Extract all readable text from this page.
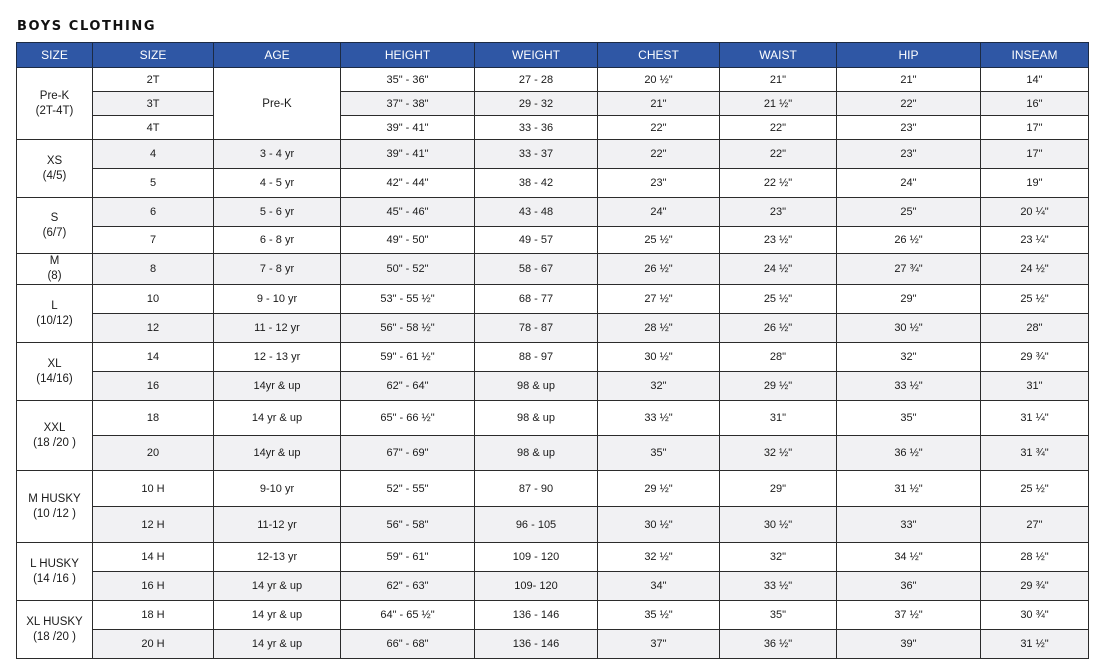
BOYS CLOTHING
SIZE	SIZE	AGE	HEIGHT	WEIGHT	CHEST	WAIST	HIP	INSEAM
Pre-K
(2T-4T)	2T	Pre-K	35" - 36"	27 - 28	20 ½"	21"	21"	14"
	3T		37" - 38"	29 - 32	21"	21 ½"	22"	16"
	4T		39" - 41"	33 - 36	22"	22"	23"	17"
XS
(4/5)	4	3 - 4 yr	39" - 41"	33 - 37	22"	22"	23"	17"
	5	4 - 5 yr	42" - 44"	38 - 42	23"	22 ½"	24"	19"
S
(6/7)	6	5 - 6 yr	45" - 46"	43 - 48	24"	23"	25"	20 ¼"
	7	6 - 8 yr	49" - 50"	49 - 57	25 ½"	23 ½"	26 ½"	23 ¼"
M
(8)	8	7 - 8 yr	50" - 52"	58 - 67	26 ½"	24 ½"	27 ¾"	24 ½"
L
(10/12)	10	9 - 10 yr	53" - 55 ½"	68 - 77	27 ½"	25 ½"	29"	25 ½"
	12	11 - 12 yr	56" - 58 ½"	78 - 87	28 ½"	26 ½"	30 ½"	28"
XL
(14/16)	14	12 - 13 yr	59" - 61 ½"	88 - 97	30 ½"	28"	32"	29 ¾"
	16	14yr & up	62" - 64"	98 & up	32"	29 ½"	33 ½"	31"
XXL
(18 /20 )	18	14 yr & up	65" - 66 ½"	98 & up	33 ½"	31"	35"	31 ¼"
	20	14yr & up	67" - 69"	98 & up	35"	32 ½"	36 ½"	31 ¾"
M HUSKY
(10 /12 )	10 H	9-10 yr	52" - 55"	87 - 90	29 ½"	29"	31 ½"	25 ½"
	12 H	11-12 yr	56" - 58"	96 - 105	30 ½"	30 ½"	33"	27"
L HUSKY
(14 /16 )	14 H	12-13 yr	59" - 61"	109 - 120	32 ½"	32"	34 ½"	28 ½"
	16 H	14 yr & up	62" - 63"	109- 120	34"	33 ½"	36"	29 ¾"
XL HUSKY
(18 /20 )	18 H	14 yr & up	64" - 65 ½"	136 - 146	35 ½"	35"	37 ½"	30 ¾"
	20 H	14 yr & up	66" - 68"	136 - 146	37"	36 ½"	39"	31 ½"
